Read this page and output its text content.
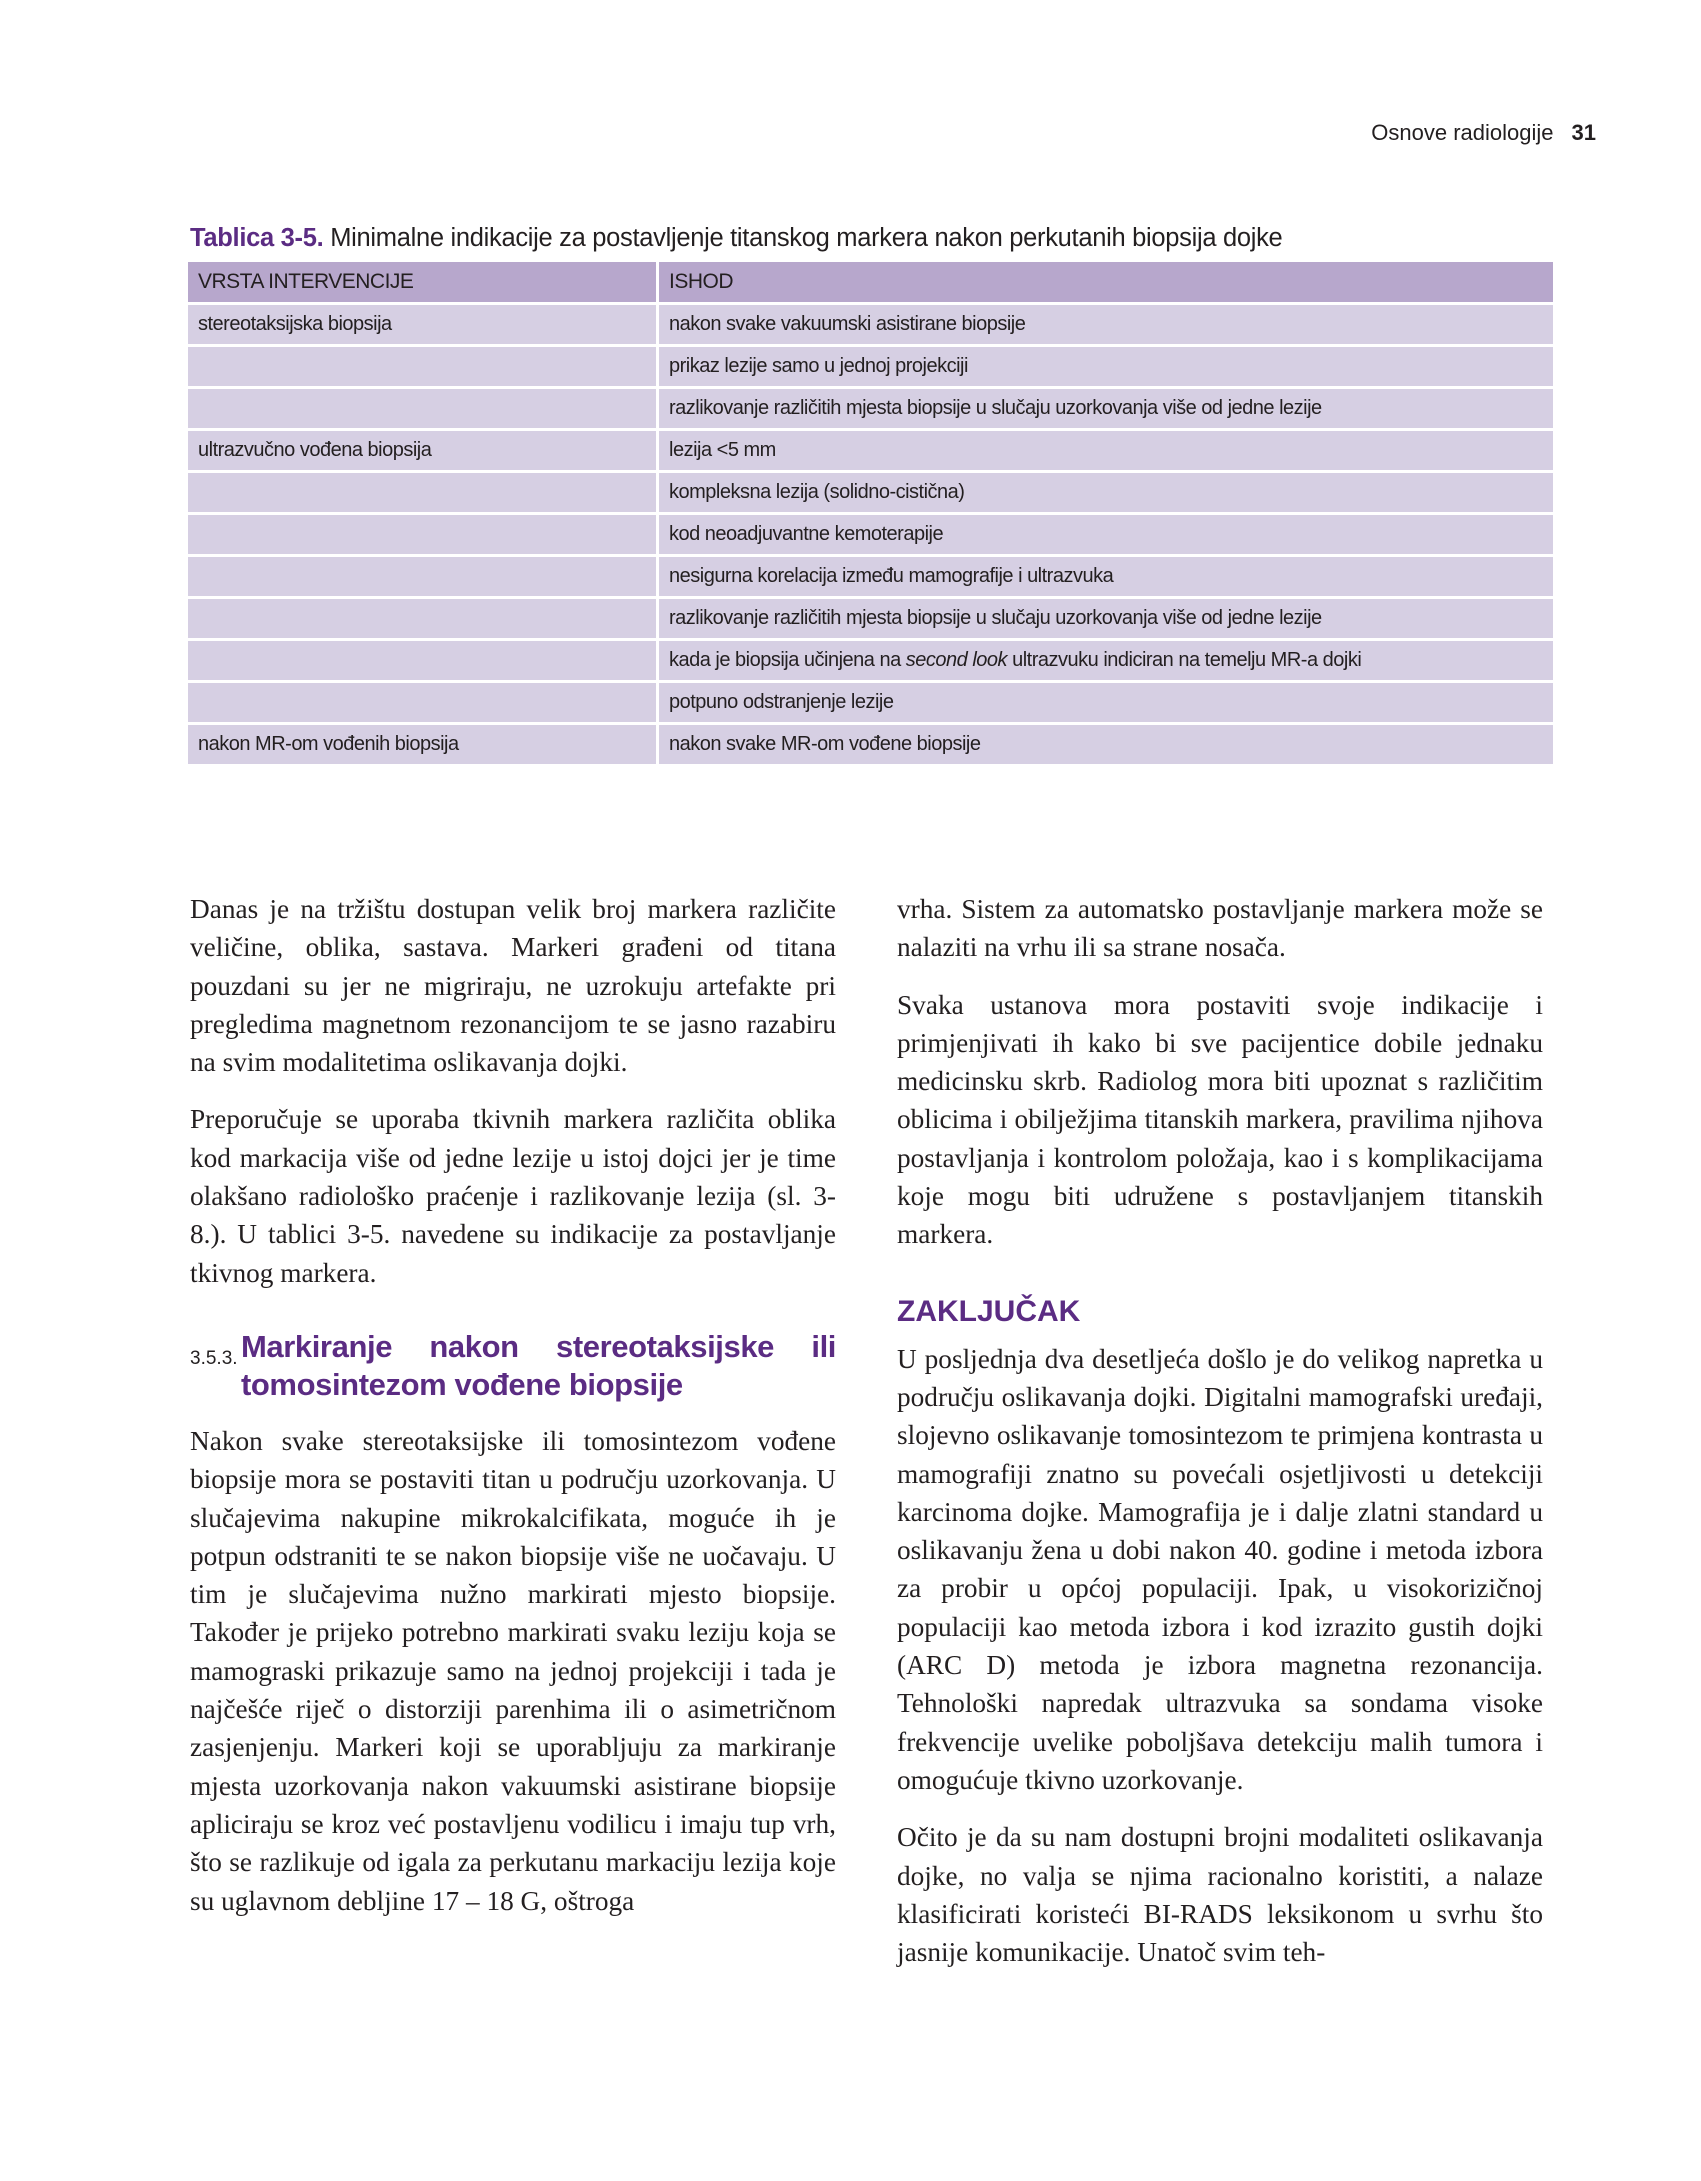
Osnove radiologije 31
Tablica 3-5. Minimalne indikacije za postavljenje titanskog markera nakon perkutanih biopsija dojke
VRSTA INTERVENCIJE	ISHOD
stereotaksijska biopsija	nakon svake vakuumski asistirane biopsije
	prikaz lezije samo u jednoj projekciji
	razlikovanje različitih mjesta biopsije u slučaju uzorkovanja više od jedne lezije
ultrazvučno vođena biopsija	lezija <5 mm
	kompleksna lezija (solidno-cistična)
	kod neoadjuvantne kemoterapije
	nesigurna korelacija između mamografije i ultrazvuka
	razlikovanje različitih mjesta biopsije u slučaju uzorkovanja više od jedne lezije
	kada je biopsija učinjena na second look ultrazvuku indiciran na temelju MR-a dojki
	potpuno odstranjenje lezije
nakon MR-om vođenih biopsija	nakon svake MR-om vođene biopsije

Danas je na tržištu dostupan velik broj markera različite veličine, oblika, sastava. Markeri građeni od titana pouzdani su jer ne migriraju, ne uzrokuju artefakte pri pregledima magnetnom rezonancijom te se jasno razabiru na svim modalitetima oslikavanja dojki.

Preporučuje se uporaba tkivnih markera različita oblika kod markacija više od jedne lezije u istoj dojci jer je time olakšano radiološko praćenje i razlikovanje lezija (sl. 3-8.). U tablici 3-5. navedene su indikacije za postavljanje tkivnog markera.

3.5.3. Markiranje nakon stereotaksijske ili tomosintezom vođene biopsije

Nakon svake stereotaksijske ili tomosintezom vođene biopsije mora se postaviti titan u području uzorkovanja. U slučajevima nakupine mikrokalcifikata, moguće ih je potpun odstraniti te se nakon biopsije više ne uočavaju. U tim je slučajevima nužno markirati mjesto biopsije. Također je prijeko potrebno markirati svaku leziju koja se mamograski prikazuje samo na jednoj projekciji i tada je najčešće riječ o distorziji parenhima ili o asimetričnom zasjenjenju. Markeri koji se uporabljuju za markiranje mjesta uzorkovanja nakon vakuumski asistirane biopsije apliciraju se kroz već postavljenu vodilicu i imaju tup vrh, što se razlikuje od igala za perkutanu markaciju lezija koje su uglavnom debljine 17 – 18 G, oštroga

vrha. Sistem za automatsko postavljanje markera može se nalaziti na vrhu ili sa strane nosača.

Svaka ustanova mora postaviti svoje indikacije i primjenjivati ih kako bi sve pacijentice dobile jednaku medicinsku skrb. Radiolog mora biti upoznat s različitim oblicima i obilježjima titanskih markera, pravilima njihova postavljanja i kontrolom položaja, kao i s komplikacijama koje mogu biti udružene s postavljanjem titanskih markera.

ZAKLJUČAK

U posljednja dva desetljeća došlo je do velikog napretka u području oslikavanja dojki. Digitalni mamografski uređaji, slojevno oslikavanje tomosintezom te primjena kontrasta u mamografiji znatno su povećali osjetljivosti u detekciji karcinoma dojke. Mamografija je i dalje zlatni standard u oslikavanju žena u dobi nakon 40. godine i metoda izbora za probir u općoj populaciji. Ipak, u visokorizičnoj populaciji kao metoda izbora i kod izrazito gustih dojki (ARC D) metoda je izbora magnetna rezonancija. Tehnološki napredak ultrazvuka sa sondama visoke frekvencije uvelike poboljšava detekciju malih tumora i omogućuje tkivno uzorkovanje.

Očito je da su nam dostupni brojni modaliteti oslikavanja dojke, no valja se njima racionalno koristiti, a nalaze klasificirati koristeći BI-RADS leksikonom u svrhu što jasnije komunikacije. Unatoč svim teh-
